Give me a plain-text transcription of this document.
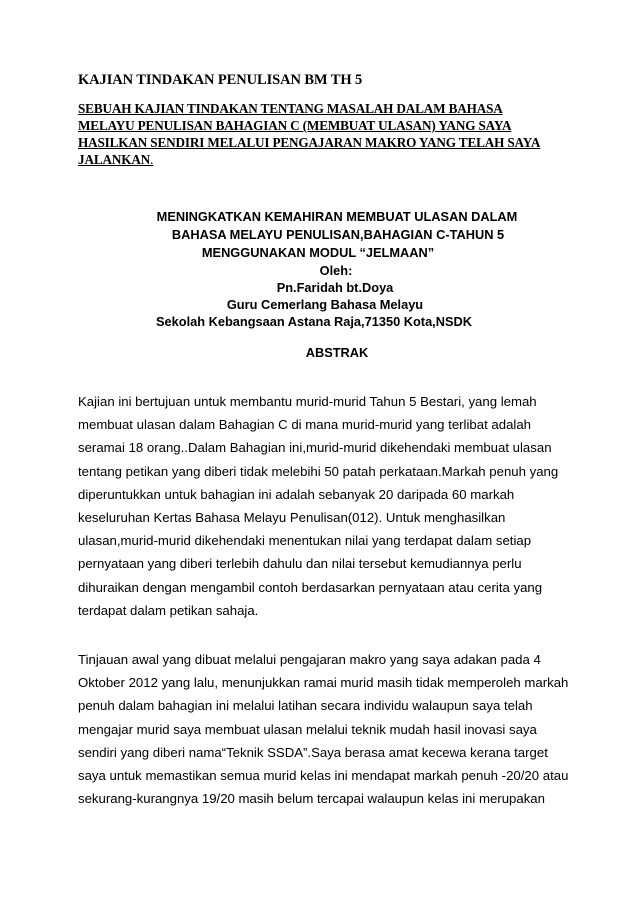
KAJIAN TINDAKAN PENULISAN BM TH 5
SEBUAH KAJIAN TINDAKAN TENTANG MASALAH DALAM BAHASA
MELAYU PENULISAN BAHAGIAN C (MEMBUAT ULASAN) YANG SAYA
HASILKAN SENDIRI MELALUI PENGAJARAN MAKRO YANG TELAH SAYA
JALANKAN.
MENINGKATKAN KEMAHIRAN MEMBUAT ULASAN DALAM
BAHASA MELAYU PENULISAN,BAHAGIAN C-TAHUN 5
MENGGUNAKAN MODUL “JELMAAN”
Oleh:
Pn.Faridah bt.Doya
Guru Cemerlang Bahasa Melayu
Sekolah Kebangsaan Astana Raja,71350 Kota,NSDK
ABSTRAK
Kajian ini bertujuan untuk membantu murid-murid Tahun 5 Bestari, yang lemah
membuat ulasan dalam Bahagian C di mana murid-murid yang terlibat adalah
seramai 18 orang..Dalam Bahagian ini,murid-murid dikehendaki membuat ulasan
tentang petikan yang diberi tidak melebihi 50 patah perkataan.Markah penuh yang
diperuntukkan untuk bahagian ini adalah sebanyak 20 daripada 60 markah
keseluruhan Kertas Bahasa Melayu Penulisan(012). Untuk menghasilkan
ulasan,murid-murid dikehendaki menentukan nilai yang terdapat dalam setiap
pernyataan yang diberi terlebih dahulu dan nilai tersebut kemudiannya perlu
dihuraikan dengan mengambil contoh berdasarkan pernyataan atau cerita yang
terdapat dalam petikan sahaja.
Tinjauan awal yang dibuat melalui pengajaran makro yang saya adakan pada 4
Oktober 2012 yang lalu, menunjukkan ramai murid masih tidak memperoleh markah
penuh dalam bahagian ini melalui latihan secara individu walaupun saya telah
mengajar murid saya membuat ulasan melalui teknik mudah hasil inovasi saya
sendiri yang diberi nama“Teknik SSDA”.Saya berasa amat kecewa kerana target
saya untuk memastikan semua murid kelas ini mendapat markah penuh -20/20 atau
sekurang-kurangnya 19/20 masih belum tercapai walaupun kelas ini merupakan
